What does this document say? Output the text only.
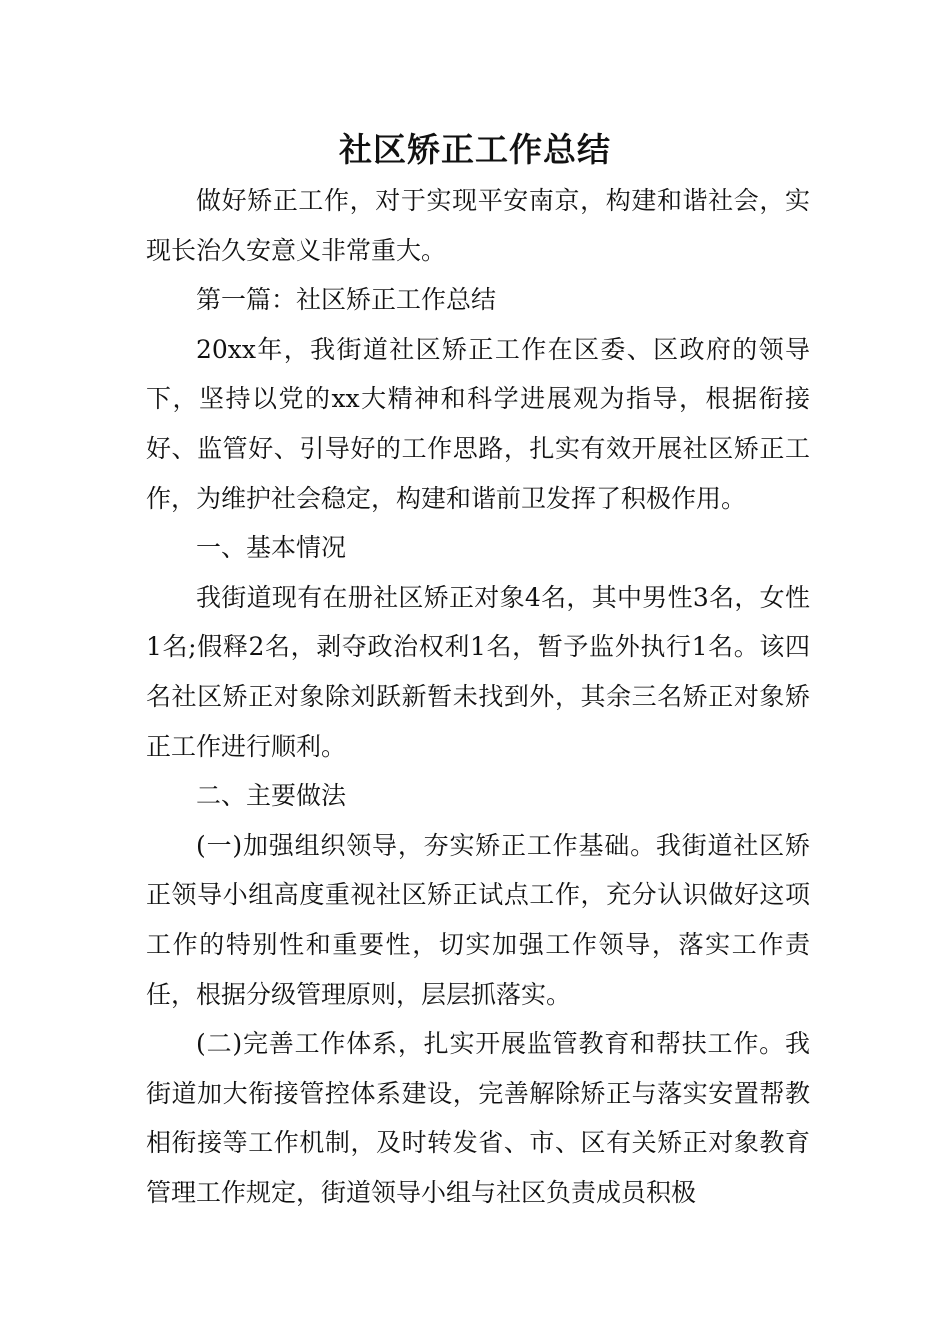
社区矫正工作总结

做好矫正工作，对于实现平安南京，构建和谐社会，实现长治久安意义非常重大。

第一篇：社区矫正工作总结

20xx年，我街道社区矫正工作在区委、区政府的领导下，坚持以党的xx大精神和科学进展观为指导，根据衔接好、监管好、引导好的工作思路，扎实有效开展社区矫正工作，为维护社会稳定，构建和谐前卫发挥了积极作用。

一、基本情况

我街道现有在册社区矫正对象4名，其中男性3名，女性1名;假释2名，剥夺政治权利1名，暂予监外执行1名。该四名社区矫正对象除刘跃新暂未找到外，其余三名矫正对象矫正工作进行顺利。

二、主要做法

(一)加强组织领导，夯实矫正工作基础。我街道社区矫正领导小组高度重视社区矫正试点工作，充分认识做好这项工作的特别性和重要性，切实加强工作领导，落实工作责任，根据分级管理原则，层层抓落实。

(二)完善工作体系，扎实开展监管教育和帮扶工作。我街道加大衔接管控体系建设，完善解除矫正与落实安置帮教相衔接等工作机制，及时转发省、市、区有关矫正对象教育管理工作规定，街道领导小组与社区负责成员积极
